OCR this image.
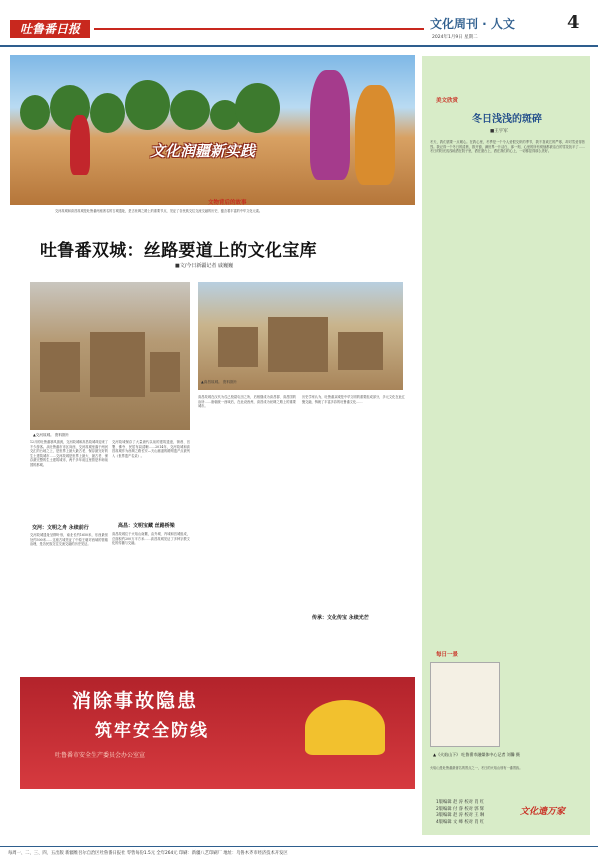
吐鲁番日报	文化周刊 · 人文	4
2024年1月9日 星期二
文化润疆新实践
文物背后的故事
交河故城和高昌故城是吐鲁番两座著名的古城遗址，是古丝绸之路上的重要节点，见证了各民族交往交流交融的历史，蕴含着丰富的中华文化元素。
吐鲁番双城：丝路要道上的文化宝库
■文/今日新疆记者 戚巍巍
▲交河故城。 资料图片
▲高昌故城。 资料图片
12月的吐鲁番寒风凛冽，交河故城和高昌故城却迎来了不少游客。从吐鲁番市市区向西，交河故城坐落于两河交汇的台地之上，是世界上最大最古老、保存最完好的生土建筑城市……交河故城是世界上最大、最古老、保存最完整的生土建筑城市，两千多年前这里曾是车师前国的都城。
交河：文明之舟 永续前行
交河故城遗址呈柳叶形，南北长约1650米，东西最宽处约300米……这座古城见证了中原王朝对西域的管辖治理，是各民族交往交流交融的历史见证。
交河故城保存了大量唐代以前的建筑遗迹，街巷、官署、佛寺、民居布局清晰……2014年，交河故城和高昌故城作为丝绸之路长安—天山廊道的路网遗产点被列入《世界遗产名录》。
高昌：文明宝藏 丝路桥梁
高昌故城位于火焰山南麓，由外城、内城和宫城组成，总面积约200万平方米……高昌故城见证了多种宗教文化的传播与交融。
高昌故城在汉代为戊己校尉屯田之所，后相继成为高昌郡、高昌国的治所……唐朝统一西域后，在此设西州，高昌成为丝绸之路上的重要城市。
历史学家认为，吐鲁番双城是中华文明的重要组成部分，多元文化在此汇聚交融，铸就了丰富多彩的吐鲁番文化……
传承：文化传宝 永续光芒
消除事故隐患
筑牢安全防线
吐鲁番市安全生产委员会办公室宣
美文欣赏
冬日浅浅的斑碎
■王宇军
冬天，我们需要一点暖心。在我心里，冬季是一个令人爱恨交织的季节，我不喜欢它的严寒，却对雪爱得热烈。我记得一个冬日的清晨，推开窗，满世界一片洁白，那一刻，心里的所有烦恼都被洁白的雪花抚平了……冬日的阳光浅浅地洒在院子里，洒在窗台上，洒在我们的心上，一切都显得那么美好。
每日一景
▲《火焰山下》 吐鲁番市融媒体中心记者 刘馨 摄
火焰山是吐鲁番最著名的景点之一，冬日的火焰山别有一番景致。
1版编辑 赵 涛 校对 肖 红
2版编辑 付 睿 校对 郭 辉
3版编辑 赵 涛 校对 王 琳
4版编辑 文 峰 校对 肖 红
文化遗万家
每周一、二、三、四、五出版 新疆维吾尔自治区吐鲁番日报社 零售每份1.5元 全年264元 印刷：新疆八艺印刷厂 地址：乌鲁木齐市经济技术开发区
